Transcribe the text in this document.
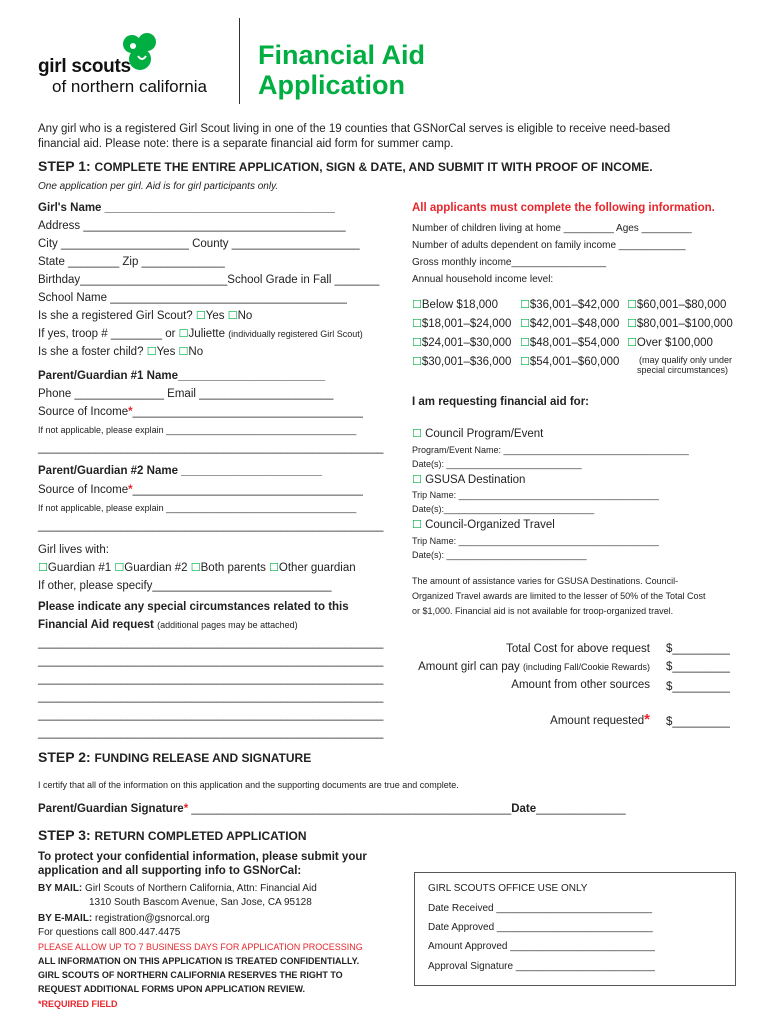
girl scouts
of northern california
Financial Aid
Application
Any girl who is a registered Girl Scout living in one of the 19 counties that GSNorCal serves is eligible to receive need-based
financial aid. Please note: there is a separate financial aid form for summer camp.
STEP 1: COMPLETE THE ENTIRE APPLICATION, SIGN & DATE, AND SUBMIT IT WITH PROOF OF INCOME.
One application per girl. Aid is for girl participants only.
Girl's Name ____________________________________
Address _________________________________________
City ____________________ County ____________________
State ________ Zip _____________
Birthday_______________________School Grade in Fall _______
School Name _____________________________________
Is she a registered Girl Scout? ☐Yes ☐No
If yes, troop # ________ or ☐Juliette (individually registered Girl Scout)
Is she a foster child? ☐Yes ☐No
Parent/Guardian #1 Name_______________________
Phone ______________ Email _____________________
Source of Income*____________________________________
If not applicable, please explain ______________________________________
______________________________________________________
Parent/Guardian #2 Name ______________________
Source of Income*____________________________________
If not applicable, please explain ______________________________________
______________________________________________________
Girl lives with:
☐Guardian #1 ☐Guardian #2 ☐Both parents ☐Other guardian
If other, please specify____________________________
Please indicate any special circumstances related to this
Financial Aid request (additional pages may be attached)
______________________________________________________
______________________________________________________
______________________________________________________
______________________________________________________
______________________________________________________
______________________________________________________
All applicants must complete the following information.
Number of children living at home _________ Ages _________
Number of adults dependent on family income ____________
Gross monthly income_________________
Annual household income level:
☐Below $18,000 ☐$36,001–$42,000 ☐$60,001–$80,000
☐$18,001–$24,000 ☐$42,001–$48,000 ☐$80,001–$100,000
☐$24,001–$30,000 ☐$48,001–$54,000 ☐Over $100,000
☐$30,001–$36,000 ☐$54,001–$60,000 (may qualify only under
special circumstances)
I am requesting financial aid for:
☐ Council Program/Event
Program/Event Name: _____________________________________
Date(s): ___________________________
☐ GSUSA Destination
Trip Name: ________________________________________
Date(s):______________________________
☐ Council-Organized Travel
Trip Name: ________________________________________
Date(s): ____________________________
The amount of assistance varies for GSUSA Destinations. Council-
Organized Travel awards are limited to the lesser of 50% of the Total Cost
or $1,000. Financial aid is not available for troop-organized travel.
Total Cost for above request $_________
Amount girl can pay (including Fall/Cookie Rewards) $_________
Amount from other sources $_________
Amount requested* $_________
STEP 2: FUNDING RELEASE AND SIGNATURE
I certify that all of the information on this application and the supporting documents are true and complete.
Parent/Guardian Signature* __________________________________________________Date______________
STEP 3: RETURN COMPLETED APPLICATION
To protect your confidential information, please submit your
application and all supporting info to GSNorCal:
BY MAIL: Girl Scouts of Northern California, Attn: Financial Aid
1310 South Bascom Avenue, San Jose, CA 95128
BY E-MAIL: registration@gsnorcal.org
For questions call 800.447.4475
PLEASE ALLOW UP TO 7 BUSINESS DAYS FOR APPLICATION PROCESSING
ALL INFORMATION ON THIS APPLICATION IS TREATED CONFIDENTIALLY.
GIRL SCOUTS OF NORTHERN CALIFORNIA RESERVES THE RIGHT TO
REQUEST ADDITIONAL FORMS UPON APPLICATION REVIEW.
*REQUIRED FIELD
GIRL SCOUTS OFFICE USE ONLY
Date Received ____________________________
Date Approved ____________________________
Amount Approved __________________________
Approval Signature _________________________
